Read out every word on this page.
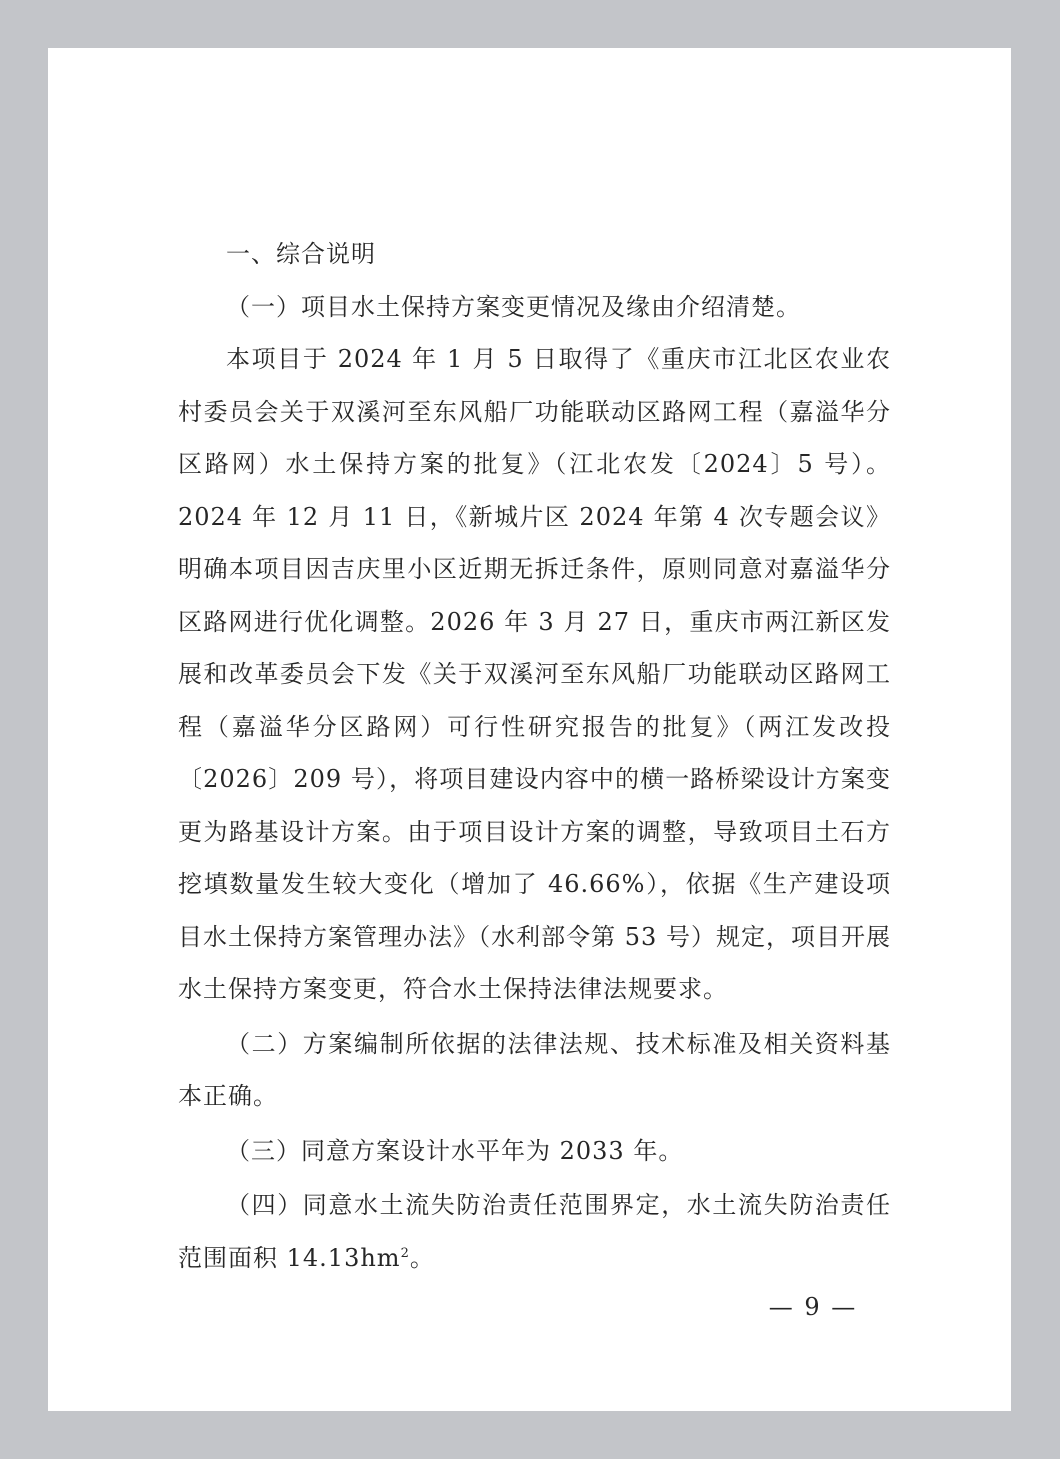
一、综合说明

（一）项目水土保持方案变更情况及缘由介绍清楚。

本项目于 2024 年 1 月 5 日取得了《重庆市江北区农业农村委员会关于双溪河至东风船厂功能联动区路网工程（嘉溢华分区路网）水土保持方案的批复》（江北农发〔2024〕5 号）。2024 年 12 月 11 日，《新城片区 2024 年第 4 次专题会议》明确本项目因吉庆里小区近期无拆迁条件，原则同意对嘉溢华分区路网进行优化调整。2026 年 3 月 27 日，重庆市两江新区发展和改革委员会下发《关于双溪河至东风船厂功能联动区路网工程（嘉溢华分区路网）可行性研究报告的批复》（两江发改投〔2026〕209 号），将项目建设内容中的横一路桥梁设计方案变更为路基设计方案。由于项目设计方案的调整，导致项目土石方挖填数量发生较大变化（增加了 46.66%），依据《生产建设项目水土保持方案管理办法》（水利部令第 53 号）规定，项目开展水土保持方案变更，符合水土保持法律法规要求。

（二）方案编制所依据的法律法规、技术标准及相关资料基本正确。

（三）同意方案设计水平年为 2033 年。

（四）同意水土流失防治责任范围界定，水土流失防治责任范围面积 $14.13hm^2$。

— 9 —
